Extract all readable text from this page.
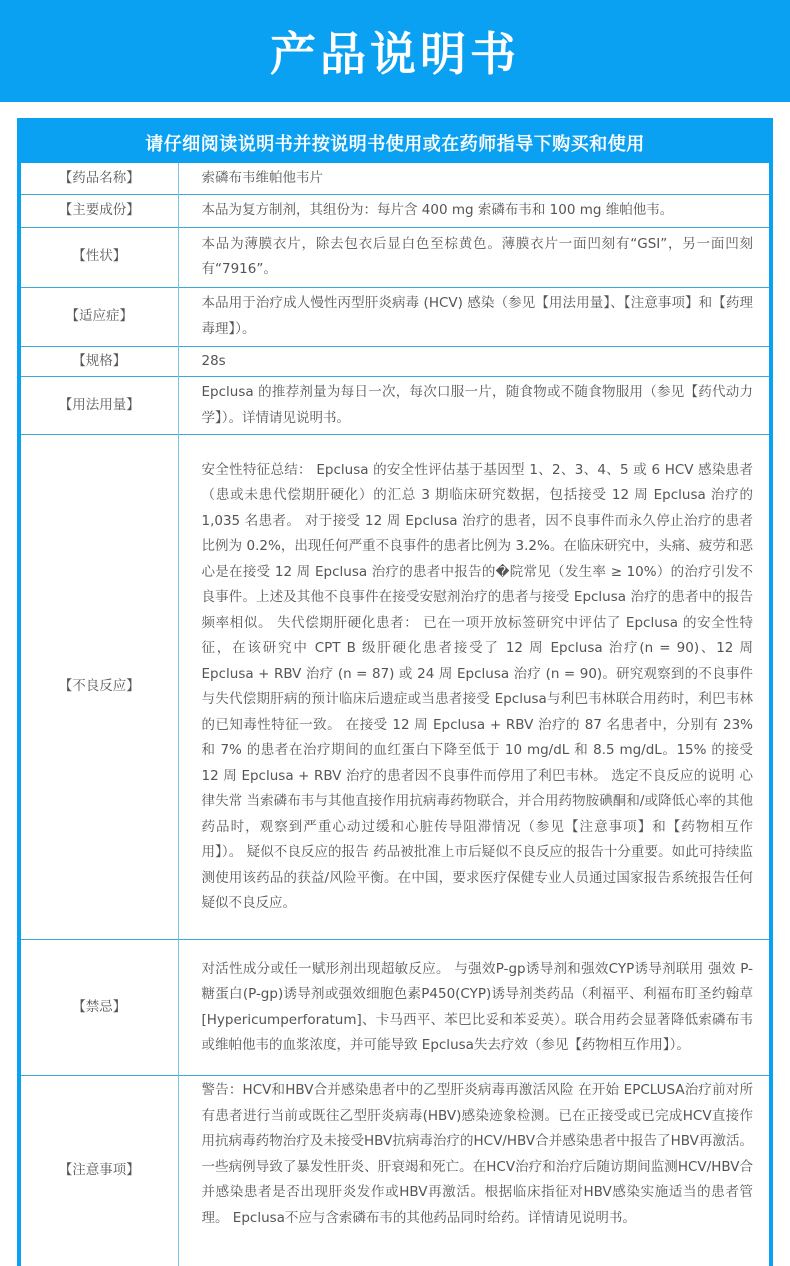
产品说明书
请仔细阅读说明书并按说明书使用或在药师指导下购买和使用
【药品名称】	索磷布韦维帕他韦片
【主要成份】	本品为复方制剂，其组份为：每片含 400 mg 索磷布韦和 100 mg 维帕他韦。
【性状】	本品为薄膜衣片，除去包衣后显白色至棕黄色。薄膜衣片一面凹刻有“GSI”，另一面凹刻有“7916”。
【适应症】	本品用于治疗成人慢性丙型肝炎病毒 (HCV) 感染（参见【用法用量】、【注意事项】和【药理毒理】）。
【规格】	28s
【用法用量】	Epclusa 的推荐剂量为每日一次，每次口服一片，随食物或不随食物服用（参见【药代动力学】）。详情请见说明书。
【不良反应】	安全性特征总结： Epclusa 的安全性评估基于基因型 1、2、3、4、5 或 6 HCV 感染患者（患或未患代偿期肝硬化）的汇总 3 期临床研究数据，包括接受 12 周 Epclusa 治疗的 1,035 名患者。 对于接受 12 周 Epclusa 治疗的患者，因不良事件而永久停止治疗的患者比例为 0.2%，出现任何严重不良事件的患者比例为 3.2%。在临床研究中，头痛、疲劳和恶心是在接受 12 周 Epclusa 治疗的患者中报告的�院常见（发生率 ≥ 10%）的治疗引发不良事件。上述及其他不良事件在接受安慰剂治疗的患者与接受 Epclusa 治疗的患者中的报告频率相似。 失代偿期肝硬化患者： 已在一项开放标签研究中评估了 Epclusa 的安全性特征，在该研究中 CPT B 级肝硬化患者接受了 12 周 Epclusa 治疗(n = 90)、12 周 Epclusa + RBV 治疗 (n = 87) 或 24 周 Epclusa 治疗 (n = 90)。研究观察到的不良事件与失代偿期肝病的预计临床后遗症或当患者接受 Epclusa与利巴韦林联合用药时，利巴韦林的已知毒性特征一致。 在接受 12 周 Epclusa + RBV 治疗的 87 名患者中，分别有 23% 和 7% 的患者在治疗期间的血红蛋白下降至低于 10 mg/dL 和 8.5 mg/dL。15% 的接受 12 周 Epclusa + RBV 治疗的患者因不良事件而停用了利巴韦林。 选定不良反应的说明 心律失常 当索磷布韦与其他直接作用抗病毒药物联合，并合用药物胺碘酮和/或降低心率的其他药品时，观察到严重心动过缓和心脏传导阻滞情况（参见【注意事项】和【药物相互作用】）。 疑似不良反应的报告 药品被批准上市后疑似不良反应的报告十分重要。如此可持续监测使用该药品的获益/风险平衡。在中国，要求医疗保健专业人员通过国家报告系统报告任何疑似不良反应。
【禁忌】	对活性成分或任一赋形剂出现超敏反应。 与强效P-gp诱导剂和强效CYP诱导剂联用 强效 P-糖蛋白(P-gp)诱导剂或强效细胞色素P450(CYP)诱导剂类药品（利福平、利福布盯圣约翰草 [Hypericumperforatum]、卡马西平、苯巴比妥和苯妥英）。联合用药会显著降低索磷布韦或维帕他韦的血浆浓度，并可能导致 Epclusa失去疗效（参见【药物相互作用】）。
【注意事项】	警告：HCV和HBV合并感染患者中的乙型肝炎病毒再激活风险 在开始 EPCLUSA治疗前对所有患者进行当前或既往乙型肝炎病毒(HBV)感染迹象检测。已在正接受或已完成HCV直接作用抗病毒药物治疗及未接受HBV抗病毒治疗的HCV/HBV合并感染患者中报告了HBV再激活。一些病例导致了暴发性肝炎、肝衰竭和死亡。在HCV治疗和治疗后随访期间监测HCV/HBV合并感染患者是否出现肝炎发作或HBV再激活。根据临床指征对HBV感染实施适当的患者管理。 Epclusa不应与含索磷布韦的其他药品同时给药。详情请见说明书。
